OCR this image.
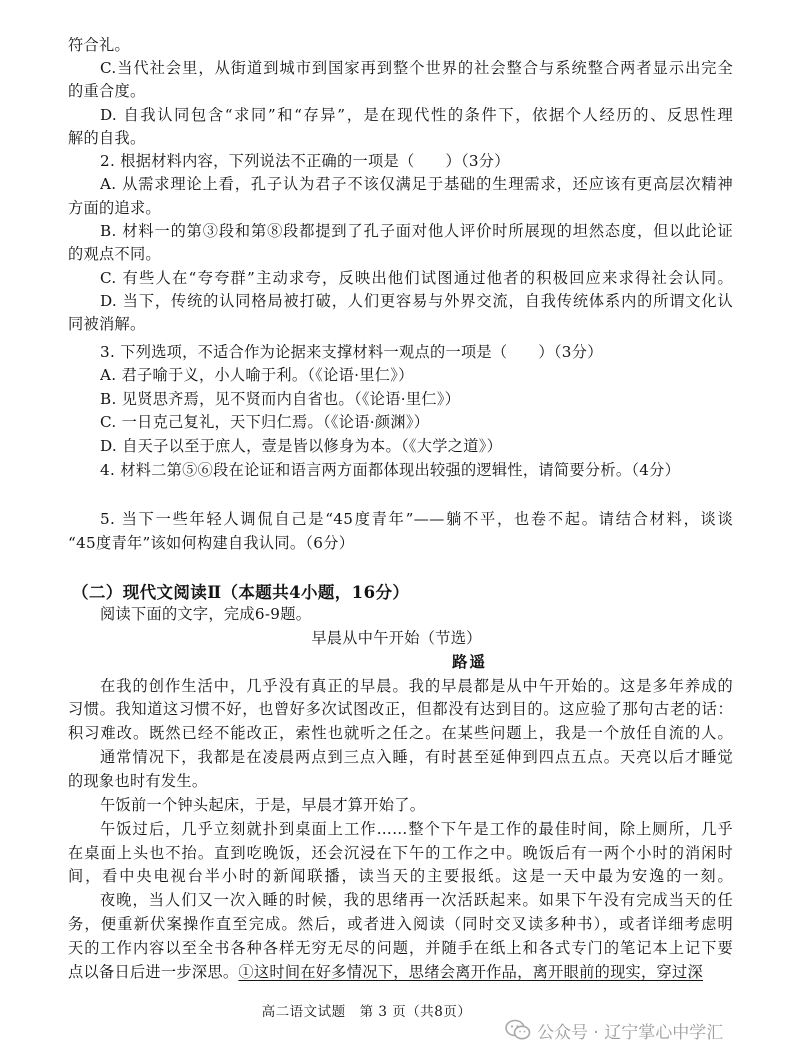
符合礼。
C.当代社会里，从街道到城市到国家再到整个世界的社会整合与系统整合两者显示出完全
的重合度。
D. 自我认同包含“求同”和“存异”，是在现代性的条件下，依据个人经历的、反思性理
解的自我。
2. 根据材料内容，下列说法不正确的一项是（　　）（3分）
A. 从需求理论上看，孔子认为君子不该仅满足于基础的生理需求，还应该有更高层次精神
方面的追求。
B. 材料一的第③段和第⑧段都提到了孔子面对他人评价时所展现的坦然态度，但以此论证
的观点不同。
C. 有些人在“夸夸群”主动求夸，反映出他们试图通过他者的积极回应来求得社会认同。
D. 当下，传统的认同格局被打破，人们更容易与外界交流，自我传统体系内的所谓文化认
同被消解。
3. 下列选项，不适合作为论据来支撑材料一观点的一项是（　　）（3分）
A. 君子喻于义，小人喻于利。（《论语·里仁》）
B. 见贤思齐焉，见不贤而内自省也。（《论语·里仁》）
C. 一日克己复礼，天下归仁焉。（《论语·颜渊》）
D. 自天子以至于庶人，壹是皆以修身为本。（《大学之道》）
4. 材料二第⑤⑥段在论证和语言两方面都体现出较强的逻辑性，请简要分析。（4分）
5. 当下一些年轻人调侃自己是“45度青年”——躺不平，也卷不起。请结合材料，谈谈
“45度青年”该如何构建自我认同。（6分）
（二）现代文阅读Ⅱ（本题共4小题，16分）
阅读下面的文字，完成6-9题。
早晨从中午开始（节选）
路遥
在我的创作生活中，几乎没有真正的早晨。我的早晨都是从中午开始的。这是多年养成的
习惯。我知道这习惯不好，也曾好多次试图改正，但都没有达到目的。这应验了那句古老的话：
积习难改。既然已经不能改正，索性也就听之任之。在某些问题上，我是一个放任自流的人。
通常情况下，我都是在凌晨两点到三点入睡，有时甚至延伸到四点五点。天亮以后才睡觉
的现象也时有发生。
午饭前一个钟头起床，于是，早晨才算开始了。
午饭过后，几乎立刻就扑到桌面上工作……整个下午是工作的最佳时间，除上厕所，几乎
在桌面上头也不抬。直到吃晚饭，还会沉浸在下午的工作之中。晚饭后有一两个小时的消闲时
间，看中央电视台半小时的新闻联播，读当天的主要报纸。这是一天中最为安逸的一刻。
夜晚，当人们又一次入睡的时候，我的思绪再一次活跃起来。如果下午没有完成当天的任
务，便重新伏案操作直至完成。然后，或者进入阅读（同时交叉读多种书），或者详细考虑明
天的工作内容以至全书各种各样无穷无尽的问题，并随手在纸上和各式专门的笔记本上记下要
点以备日后进一步深思。①这时间在好多情况下，思绪会离开作品，离开眼前的现实，穿过深
高二语文试题　第 3 页（共8页）
公众号 · 辽宁掌心中学汇
